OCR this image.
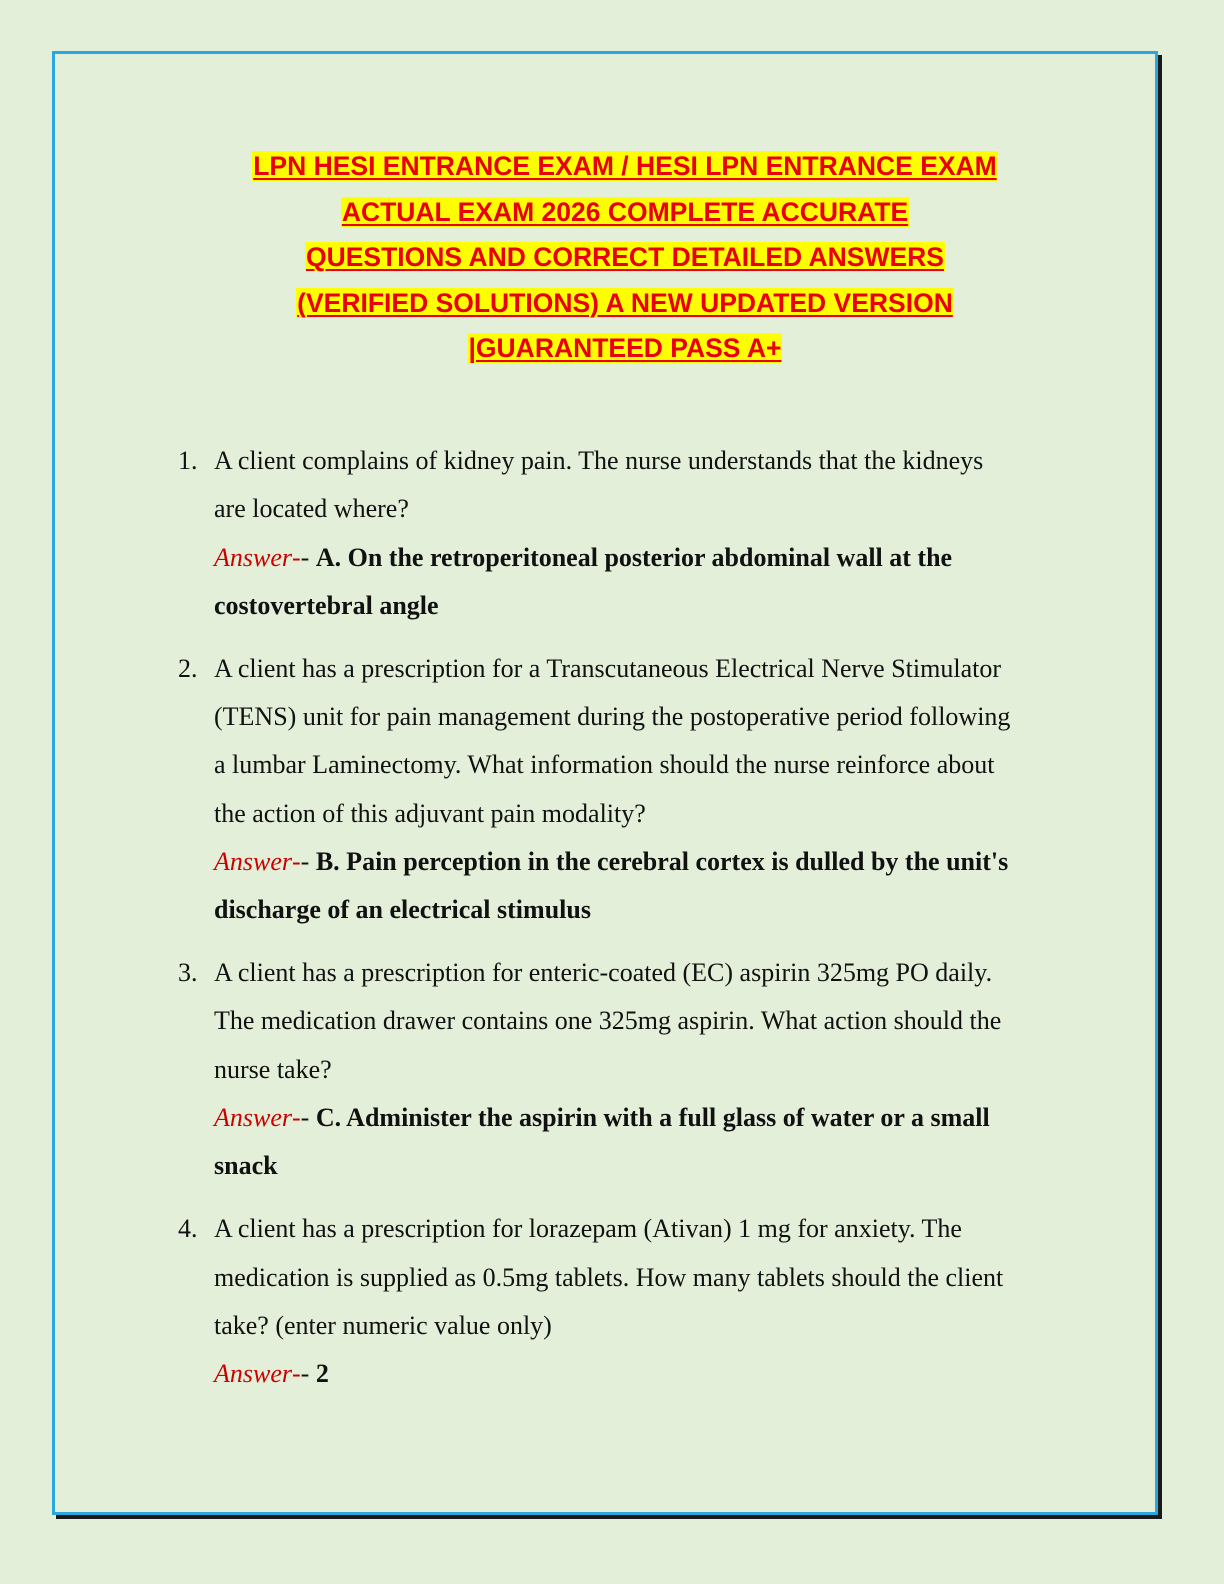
LPN HESI ENTRANCE EXAM / HESI LPN ENTRANCE EXAM
ACTUAL EXAM 2026 COMPLETE ACCURATE
QUESTIONS AND CORRECT DETAILED ANSWERS
(VERIFIED SOLUTIONS) A NEW UPDATED VERSION
|GUARANTEED PASS A+
1. A client complains of kidney pain. The nurse understands that the kidneys
are located where?
Answer-- A. On the retroperitoneal posterior abdominal wall at the
costovertebral angle
2. A client has a prescription for a Transcutaneous Electrical Nerve Stimulator
(TENS) unit for pain management during the postoperative period following
a lumbar Laminectomy. What information should the nurse reinforce about
the action of this adjuvant pain modality?
Answer-- B. Pain perception in the cerebral cortex is dulled by the unit's
discharge of an electrical stimulus
3. A client has a prescription for enteric-coated (EC) aspirin 325mg PO daily.
The medication drawer contains one 325mg aspirin. What action should the
nurse take?
Answer-- C. Administer the aspirin with a full glass of water or a small
snack
4. A client has a prescription for lorazepam (Ativan) 1 mg for anxiety. The
medication is supplied as 0.5mg tablets. How many tablets should the client
take? (enter numeric value only)
Answer-- 2
